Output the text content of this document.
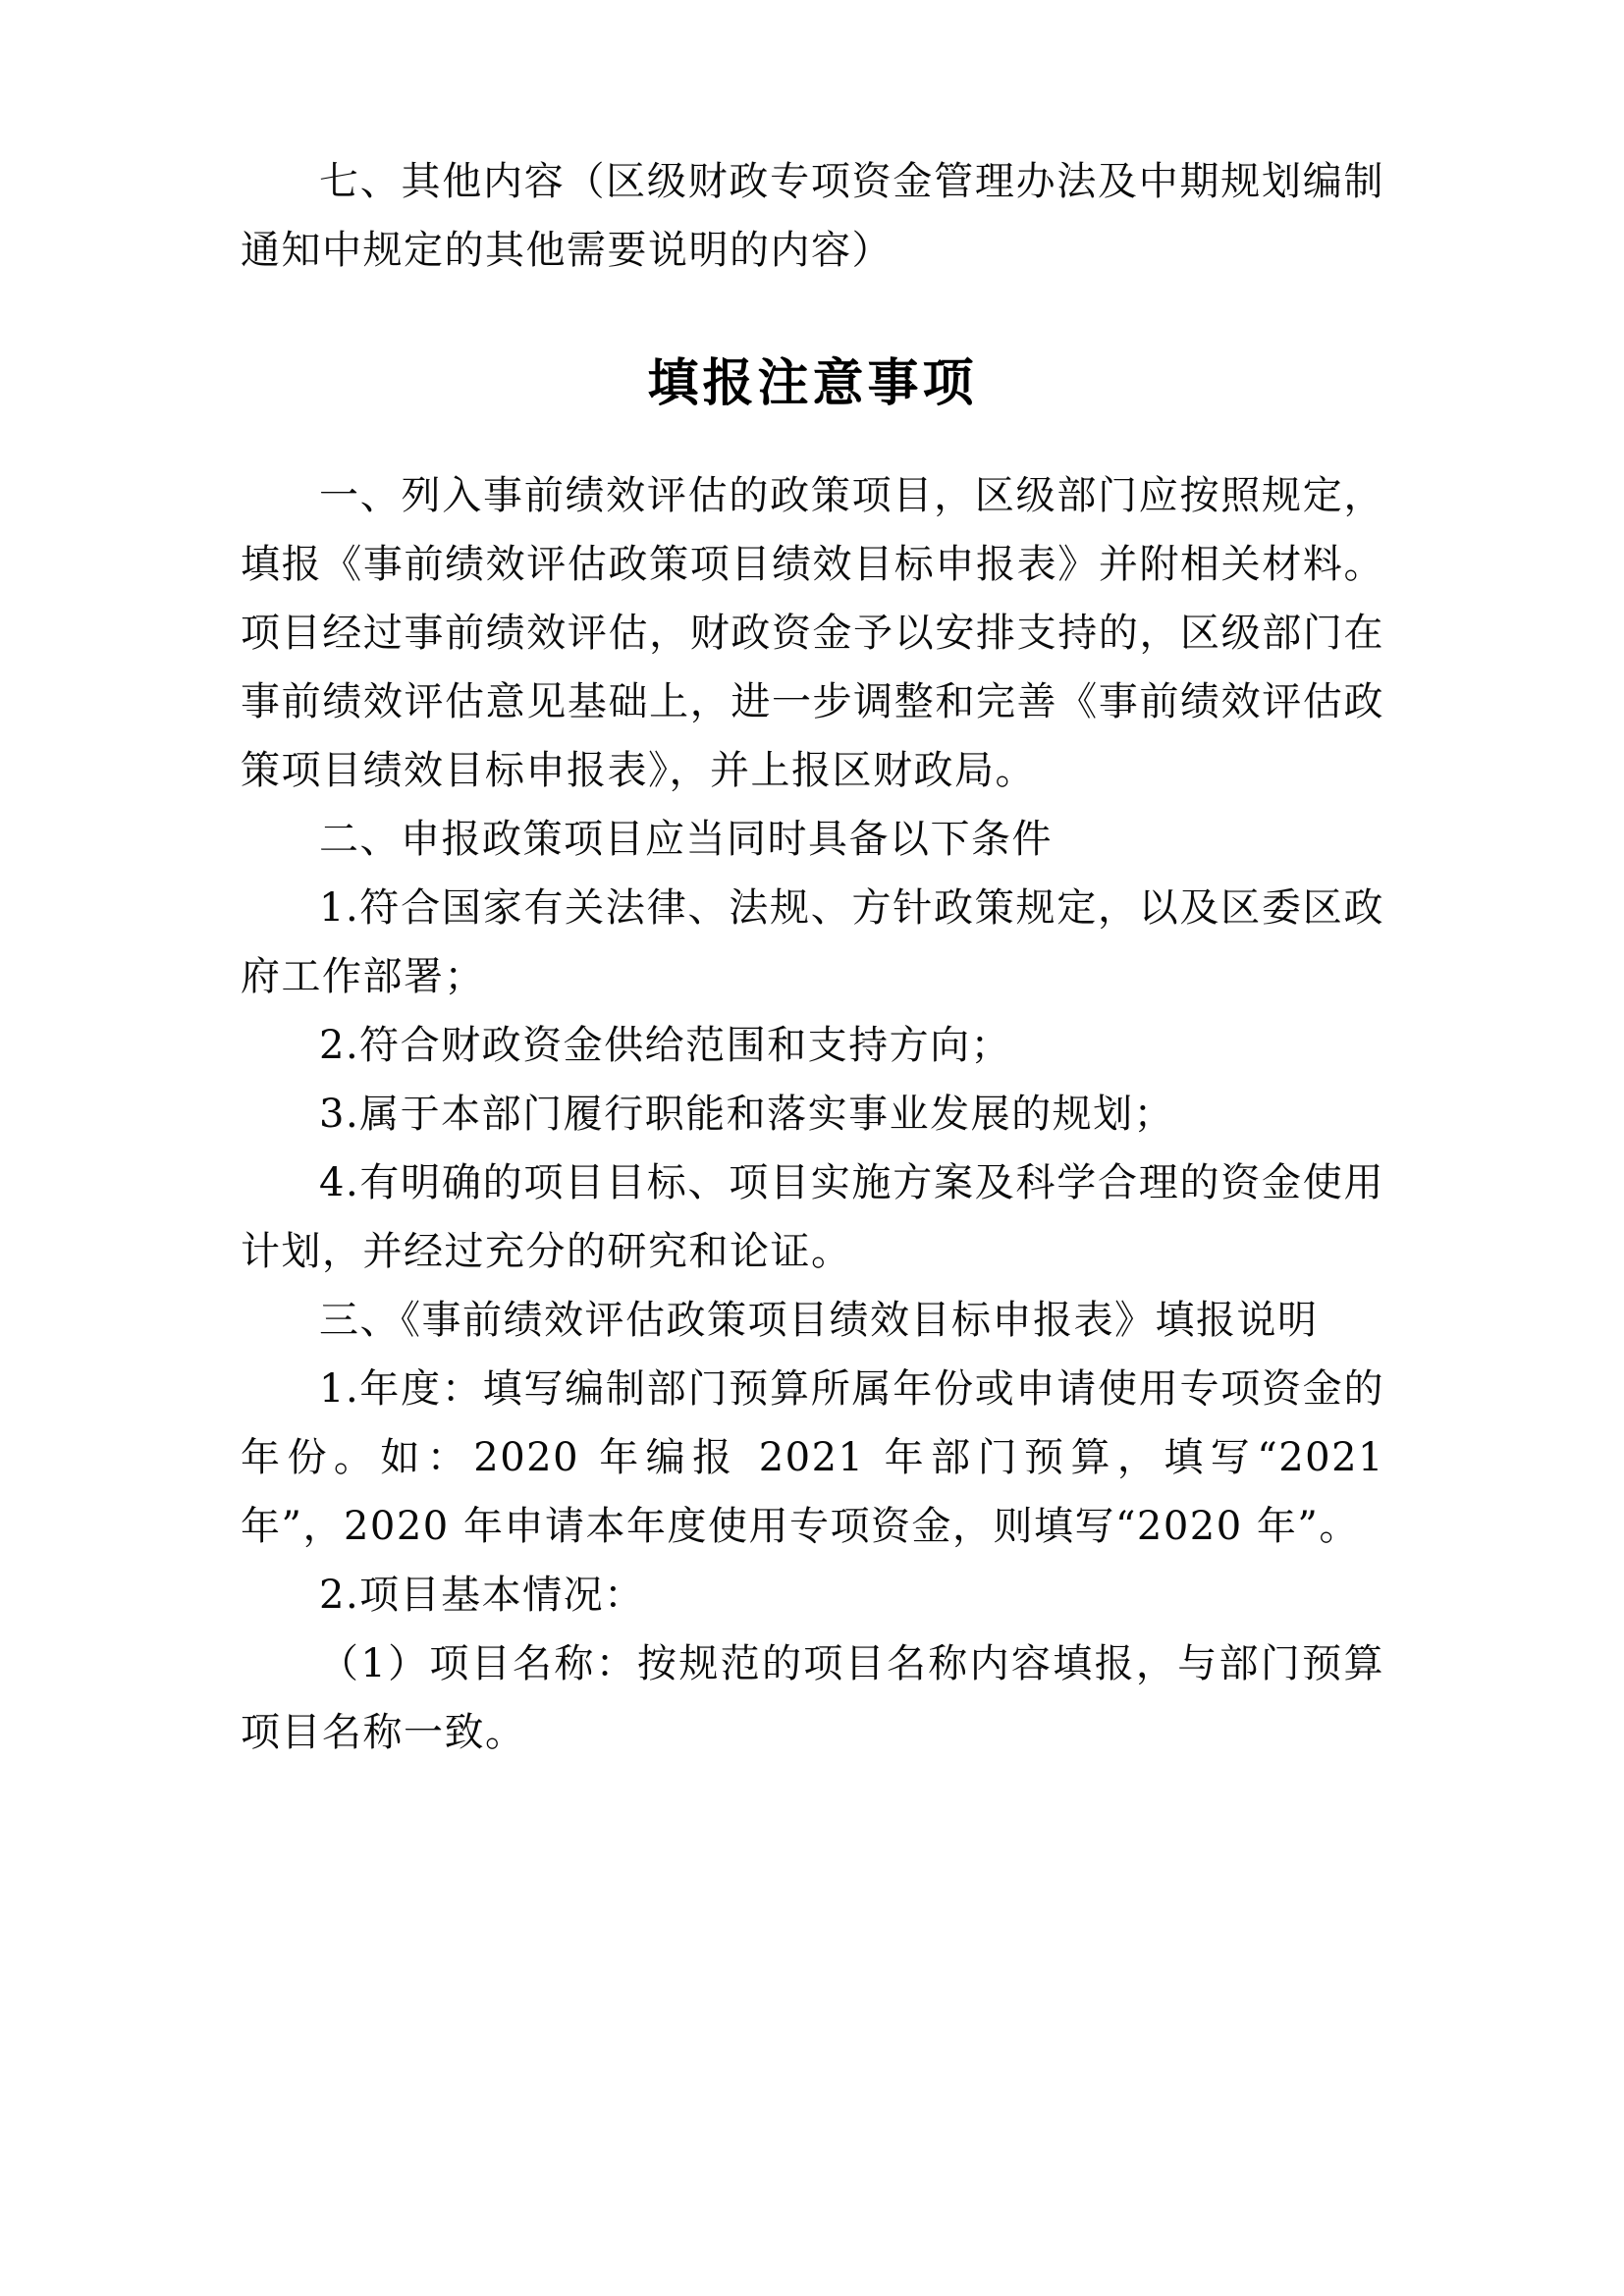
七、其他内容（区级财政专项资金管理办法及中期规划编制通知中规定的其他需要说明的内容）

填报注意事项

一、列入事前绩效评估的政策项目，区级部门应按照规定，填报《事前绩效评估政策项目绩效目标申报表》并附相关材料。项目经过事前绩效评估，财政资金予以安排支持的，区级部门在事前绩效评估意见基础上，进一步调整和完善《事前绩效评估政策项目绩效目标申报表》，并上报区财政局。

二、申报政策项目应当同时具备以下条件

1.符合国家有关法律、法规、方针政策规定，以及区委区政府工作部署；

2.符合财政资金供给范围和支持方向；

3.属于本部门履行职能和落实事业发展的规划；

4.有明确的项目目标、项目实施方案及科学合理的资金使用计划，并经过充分的研究和论证。

三、《事前绩效评估政策项目绩效目标申报表》填报说明

1.年度：填写编制部门预算所属年份或申请使用专项资金的年份。如：2020 年编报 2021 年部门预算，填写“2021 年”，2020 年申请本年度使用专项资金，则填写“2020 年”。

2.项目基本情况：

（1）项目名称：按规范的项目名称内容填报，与部门预算项目名称一致。
